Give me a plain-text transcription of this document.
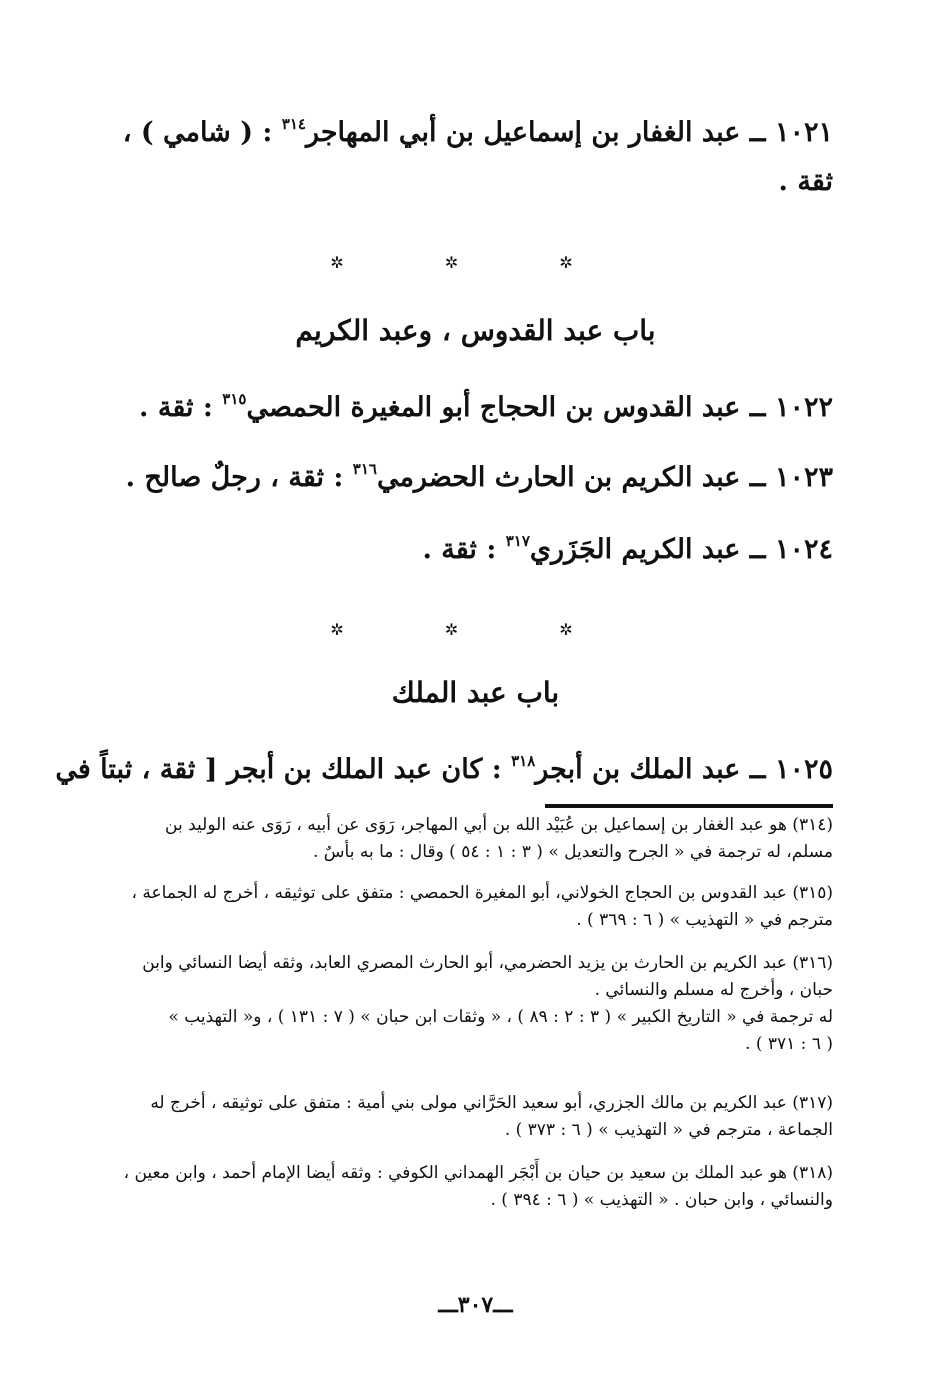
١٠٢١ ــ عبد الغفار بن إسماعيل بن أبي المهاجر$^{٣١٤}$ : ( شامي ) ،
ثقة .
✲ ✲ ✲
باب عبد القدوس ، وعبد الكريم
١٠٢٢ ــ عبد القدوس بن الحجاج أبو المغيرة الحمصي$^{٣١٥}$ : ثقة .
١٠٢٣ ــ عبد الكريم بن الحارث الحضرمي$^{٣١٦}$ : ثقة ، رجلٌ صالح .
١٠٢٤ ــ عبد الكريم الجَزَري$^{٣١٧}$ : ثقة .
✲ ✲ ✲
باب عبد الملك
١٠٢٥ ــ عبد الملك بن أبجر$^{٣١٨}$ : كان عبد الملك بن أبجر [ ثقة ، ثبتاً في

(٣١٤) هو عبد الغفار بن إسماعيل بن عُبَيْد الله بن أبي المهاجر، رَوَى عن أبيه ، رَوَى عنه الوليد بن

مسلم، له ترجمة في « الجرح والتعديل » ( ٣ : ١ : ٥٤ ) وقال : ما به بأسٌ .

(٣١٥) عبد القدوس بن الحجاج الخولاني، أبو المغيرة الحمصي : متفق على توثيقه ، أخرج له الجماعة ،

مترجم في « التهذيب » ( ٦ : ٣٦٩ ) .

(٣١٦) عبد الكريم بن الحارث بن يزيد الحضرمي، أبو الحارث المصري العابد، وثقه أيضا النسائي وابن

حبان ، وأخرج له مسلم والنسائي .

له ترجمة في « التاريخ الكبير » ( ٣ : ٢ : ٨٩ ) ، « وثقات ابن حبان » ( ٧ : ١٣١ ) ، و« التهذيب »

( ٦ : ٣٧١ ) .

(٣١٧) عبد الكريم بن مالك الجزري، أبو سعيد الحَرَّاني مولى بني أمية : متفق على توثيقه ، أخرج له

الجماعة ، مترجم في « التهذيب » ( ٦ : ٣٧٣ ) .

(٣١٨) هو عبد الملك بن سعيد بن حيان بن أَبْجَر الهمداني الكوفي : وثقه أيضا الإمام أحمد ، وابن معين ،

والنسائي ، وابن حبان . « التهذيب » ( ٦ : ٣٩٤ ) .

ـــ٣٠٧ـــ
